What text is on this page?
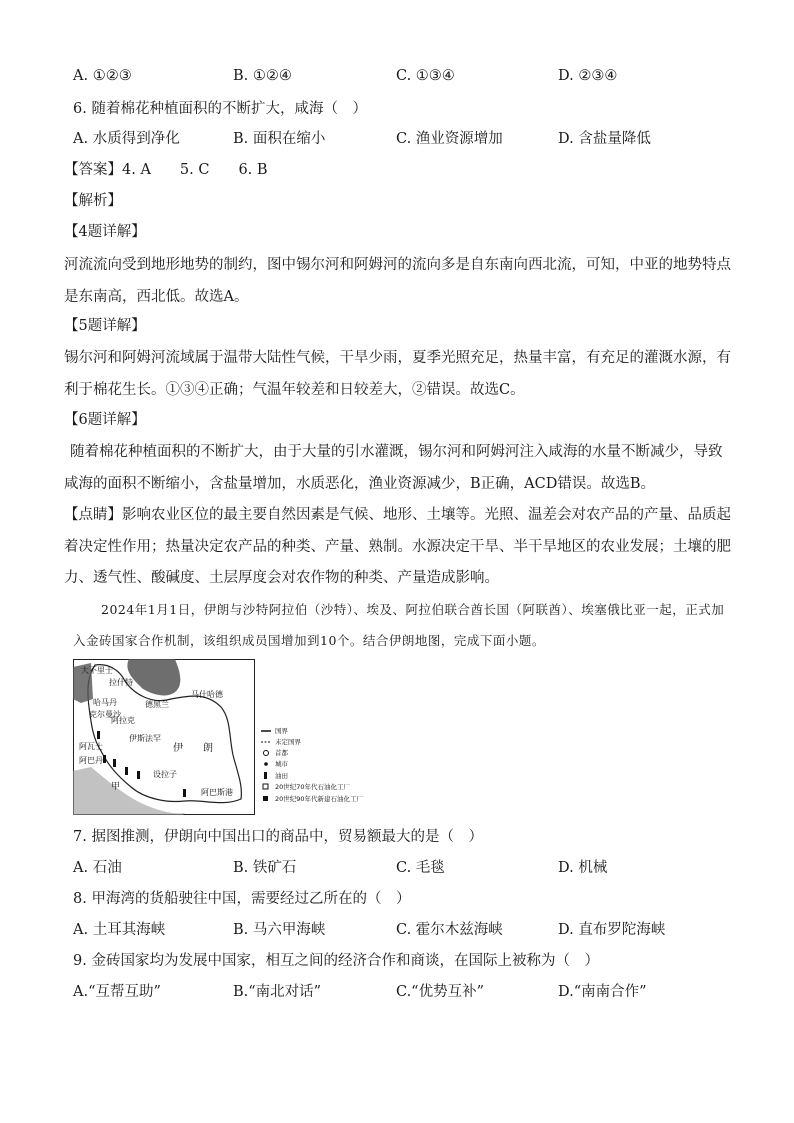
A. ①②③	B. ①②④	C. ①③④	D. ②③④
6. 随着棉花种植面积的不断扩大，咸海（　）
A. 水质得到净化	B. 面积在缩小	C. 渔业资源增加	D. 含盐量降低
【答案】4. A　　5. C　　6. B
【解析】
【4题详解】
河流流向受到地形地势的制约，图中锡尔河和阿姆河的流向多是自东南向西北流，可知，中亚的地势特点是东南高，西北低。故选A。
【5题详解】
锡尔河和阿姆河流域属于温带大陆性气候，干旱少雨，夏季光照充足，热量丰富，有充足的灌溉水源，有利于棉花生长。①③④正确；气温年较差和日较差大，②错误。故选C。
【6题详解】
随着棉花种植面积的不断扩大，由于大量的引水灌溉，锡尔河和阿姆河注入咸海的水量不断减少，导致咸海的面积不断缩小，含盐量增加，水质恶化，渔业资源减少，B正确，ACD错误。故选B。
【点睛】影响农业区位的最主要自然因素是气候、地形、土壤等。光照、温差会对农产品的产量、品质起着决定性作用；热量决定农产品的种类、产量、熟制。水源决定干旱、半干旱地区的农业发展；土壤的肥力、透气性、酸碱度、土层厚度会对农作物的种类、产量造成影响。
2024年1月1日，伊朗与沙特阿拉伯（沙特）、埃及、阿拉伯联合酋长国（阿联酋）、埃塞俄比亚一起，正式加入金砖国家合作机制，该组织成员国增加到10个。结合伊朗地图，完成下面小题。
大不里士
拉什特
德黑兰
马什哈德
哈马丹
克尔曼沙
阿拉克
伊斯法罕
阿瓦士
阿巴丹
伊 朗
甲
设拉子
阿巴斯港
国界
未定国界
首都
城市
油田
20世纪70年代石油化工厂
20世纪90年代新建石油化工厂
7. 据图推测，伊朗向中国出口的商品中，贸易额最大的是（　）
A. 石油	B. 铁矿石	C. 毛毯	D. 机械
8. 甲海湾的货船驶往中国，需要经过乙所在的（　）
A. 土耳其海峡	B. 马六甲海峡	C. 霍尔木兹海峡	D. 直布罗陀海峡
9. 金砖国家均为发展中国家，相互之间的经济合作和商谈，在国际上被称为（　）
A.“互帮互助”	B.“南北对话”	C.“优势互补”	D.“南南合作”
